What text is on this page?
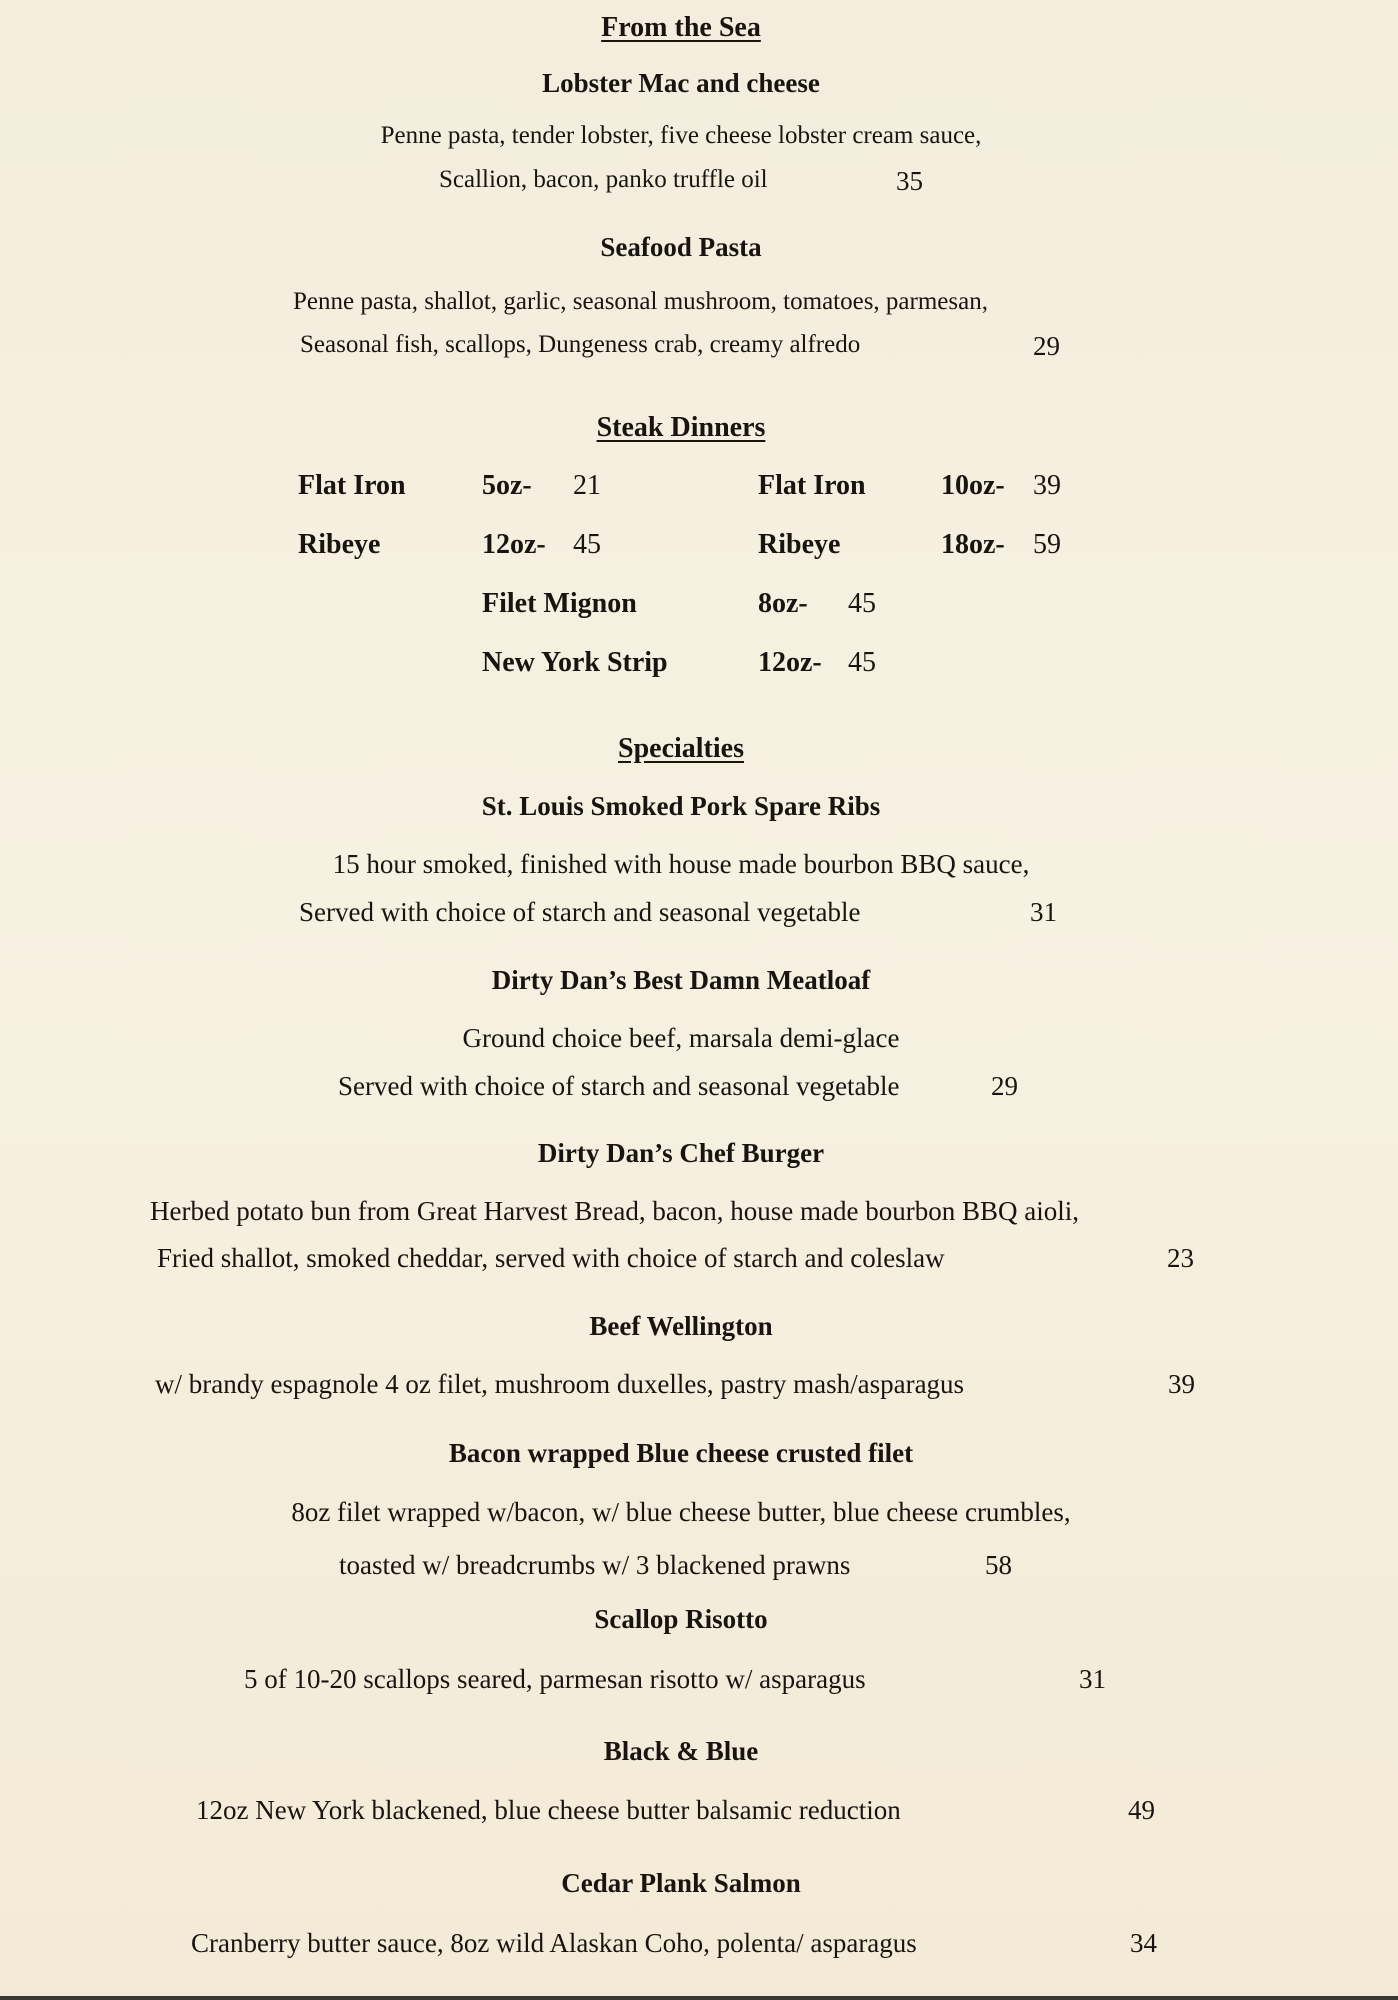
From the Sea
Lobster Mac and cheese
Penne pasta, tender lobster, five cheese lobster cream sauce,
Scallion, bacon, panko truffle oil	35
Seafood Pasta
Penne pasta, shallot, garlic, seasonal mushroom, tomatoes, parmesan,
Seasonal fish, scallops, Dungeness crab, creamy alfredo	29
Steak Dinners
Flat Iron	5oz- 21	Flat Iron	10oz- 39
Ribeye	12oz- 45	Ribeye	18oz- 59
Filet Mignon	8oz- 45
New York Strip	12oz- 45
Specialties
St. Louis Smoked Pork Spare Ribs
15 hour smoked, finished with house made bourbon BBQ sauce,
Served with choice of starch and seasonal vegetable	31
Dirty Dan’s Best Damn Meatloaf
Ground choice beef, marsala demi-glace
Served with choice of starch and seasonal vegetable	29
Dirty Dan’s Chef Burger
Herbed potato bun from Great Harvest Bread, bacon, house made bourbon BBQ aioli,
Fried shallot, smoked cheddar, served with choice of starch and coleslaw	23
Beef Wellington
w/ brandy espagnole 4 oz filet, mushroom duxelles, pastry mash/asparagus	39
Bacon wrapped Blue cheese crusted filet
8oz filet wrapped w/bacon, w/ blue cheese butter, blue cheese crumbles,
toasted w/ breadcrumbs w/ 3 blackened prawns	58
Scallop Risotto
5 of 10-20 scallops seared, parmesan risotto w/ asparagus	31
Black & Blue
12oz New York blackened, blue cheese butter balsamic reduction	49
Cedar Plank Salmon
Cranberry butter sauce, 8oz wild Alaskan Coho, polenta/ asparagus	34
